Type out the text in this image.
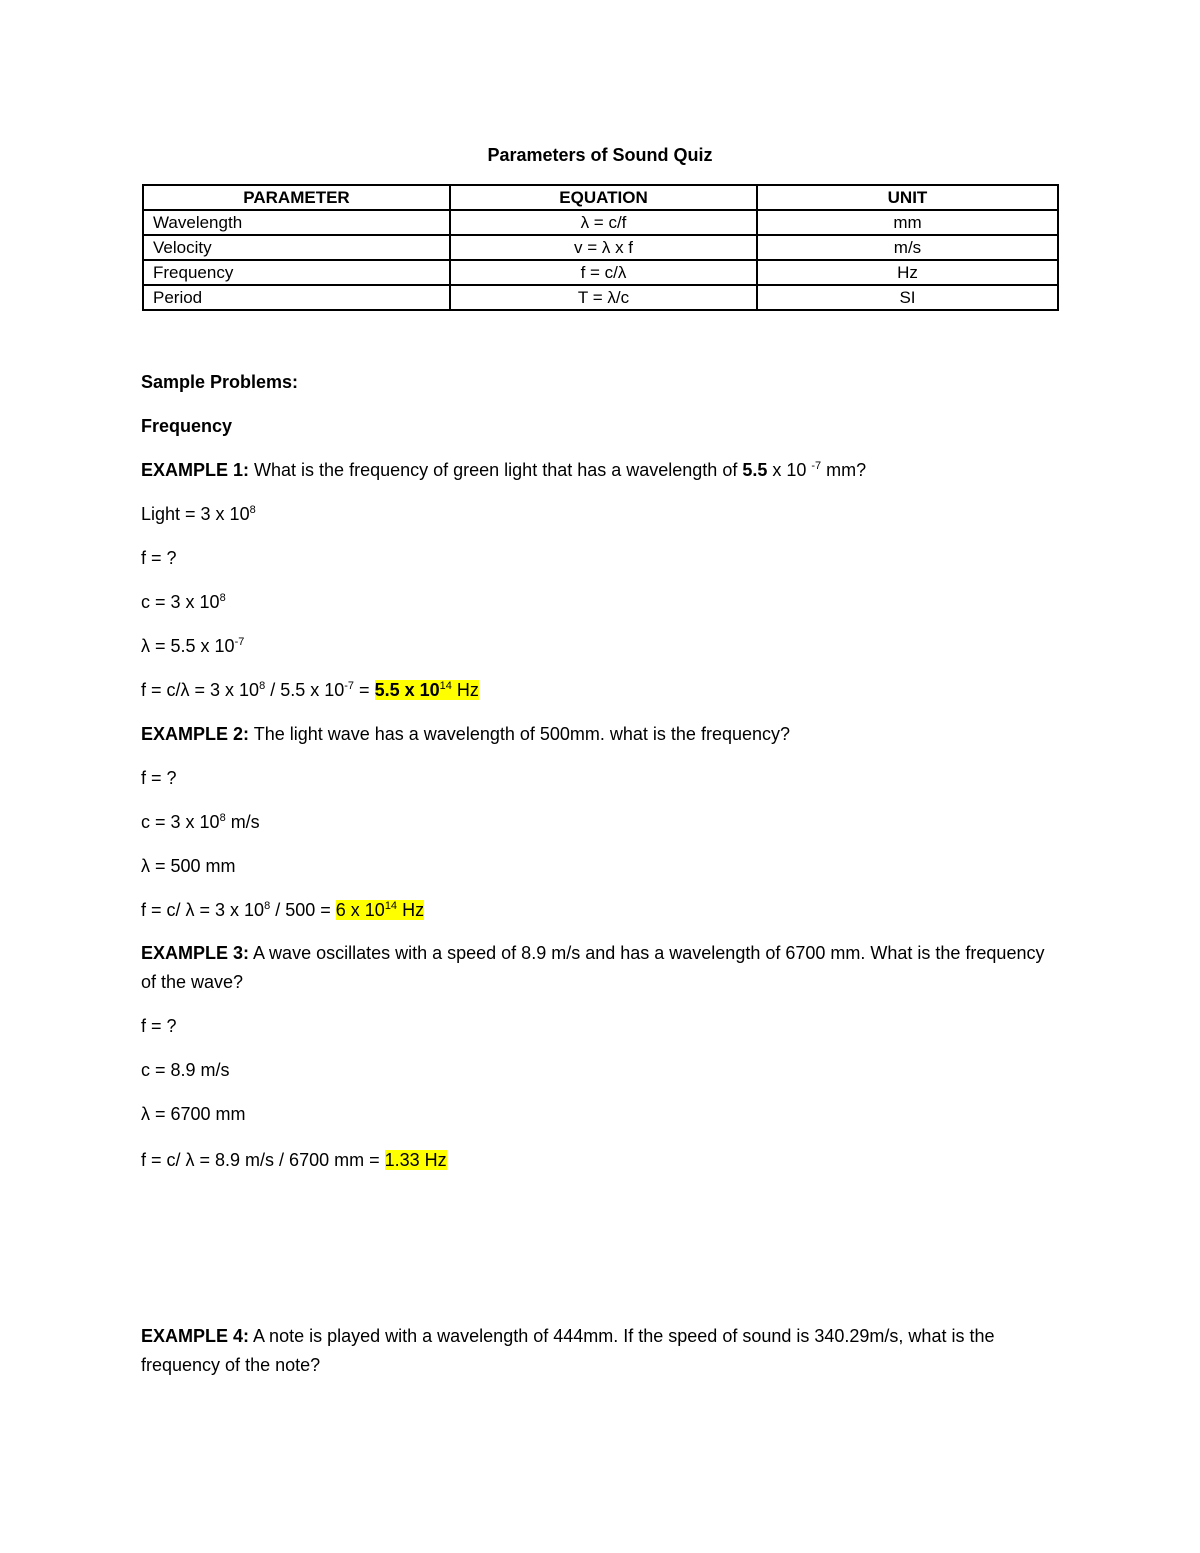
Parameters of Sound Quiz
PARAMETER	EQUATION	UNIT
Wavelength	λ = c/f	mm
Velocity	v = λ x f	m/s
Frequency	f = c/λ	Hz
Period	T = λ/c	SI
Sample Problems:
Frequency
EXAMPLE 1: What is the frequency of green light that has a wavelength of 5.5 x 10 $^{-7}$ mm?
Light = 3 x $10^8$
f = ?
c = 3 x $10^8$
λ = 5.5 x $10^{-7}$
f = c/λ = 3 x $10^8 / 5.5$ x $10^{-7} = 5.5$ x $10^{14}$ Hz
EXAMPLE 2: The light wave has a wavelength of 500mm. what is the frequency?
f = ?
c = 3 x $10^8$ m/s
λ = 500 mm
f = c/ λ = 3 x $10^8 / 500 = 6$ x $10^{14}$ Hz
EXAMPLE 3: A wave oscillates with a speed of 8.9 m/s and has a wavelength of 6700 mm. What is the frequency of the wave?
f = ?
c = 8.9 m/s
λ = 6700 mm
f = c/ λ = 8.9 m/s / 6700 mm = 1.33 Hz
EXAMPLE 4: A note is played with a wavelength of 444mm. If the speed of sound is 340.29m/s, what is the frequency of the note?
